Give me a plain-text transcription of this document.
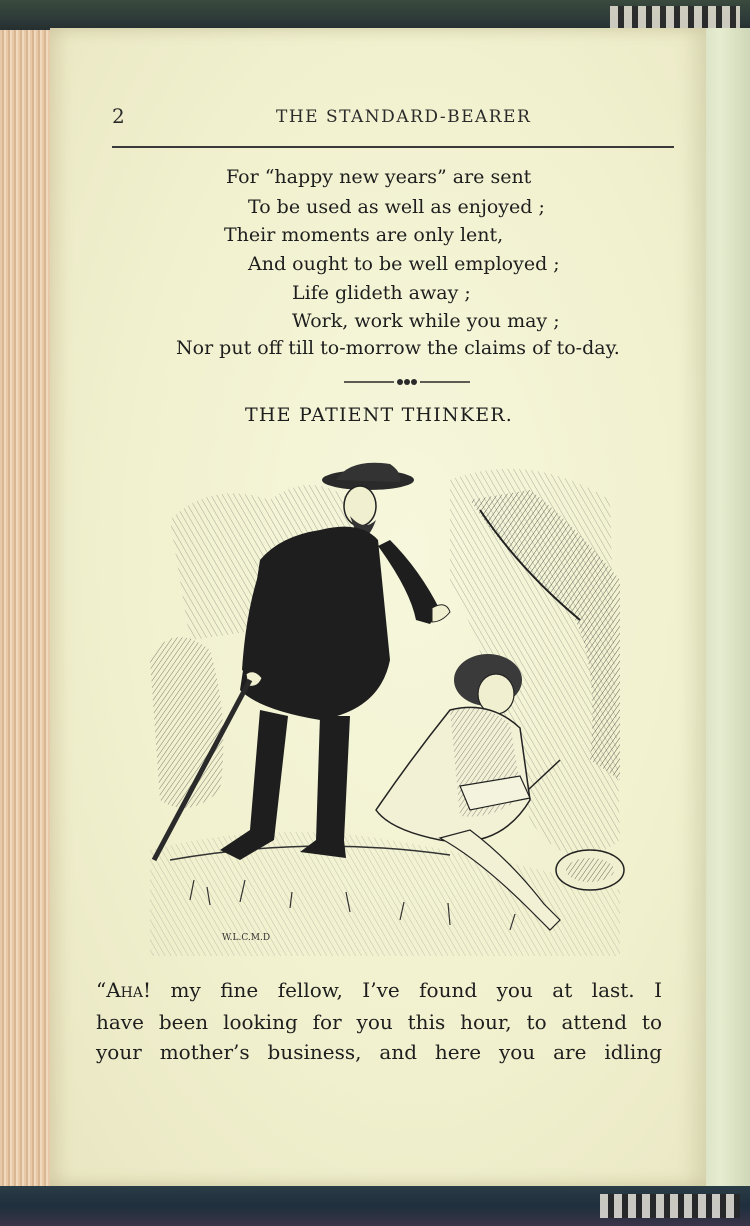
2	THE STANDARD-BEARER
For “happy new years” are sent
To be used as well as enjoyed ;
Their moments are only lent,
And ought to be well employed ;
Life glideth away ;
Work, work while you may ;
Nor put off till to-morrow the claims of to-day.
THE PATIENT THINKER.
W.L.C.M.D
“Aha! my fine fellow, I’ve found you at last. I
have been looking for you this hour, to attend to
your mother’s business, and here you are idling
